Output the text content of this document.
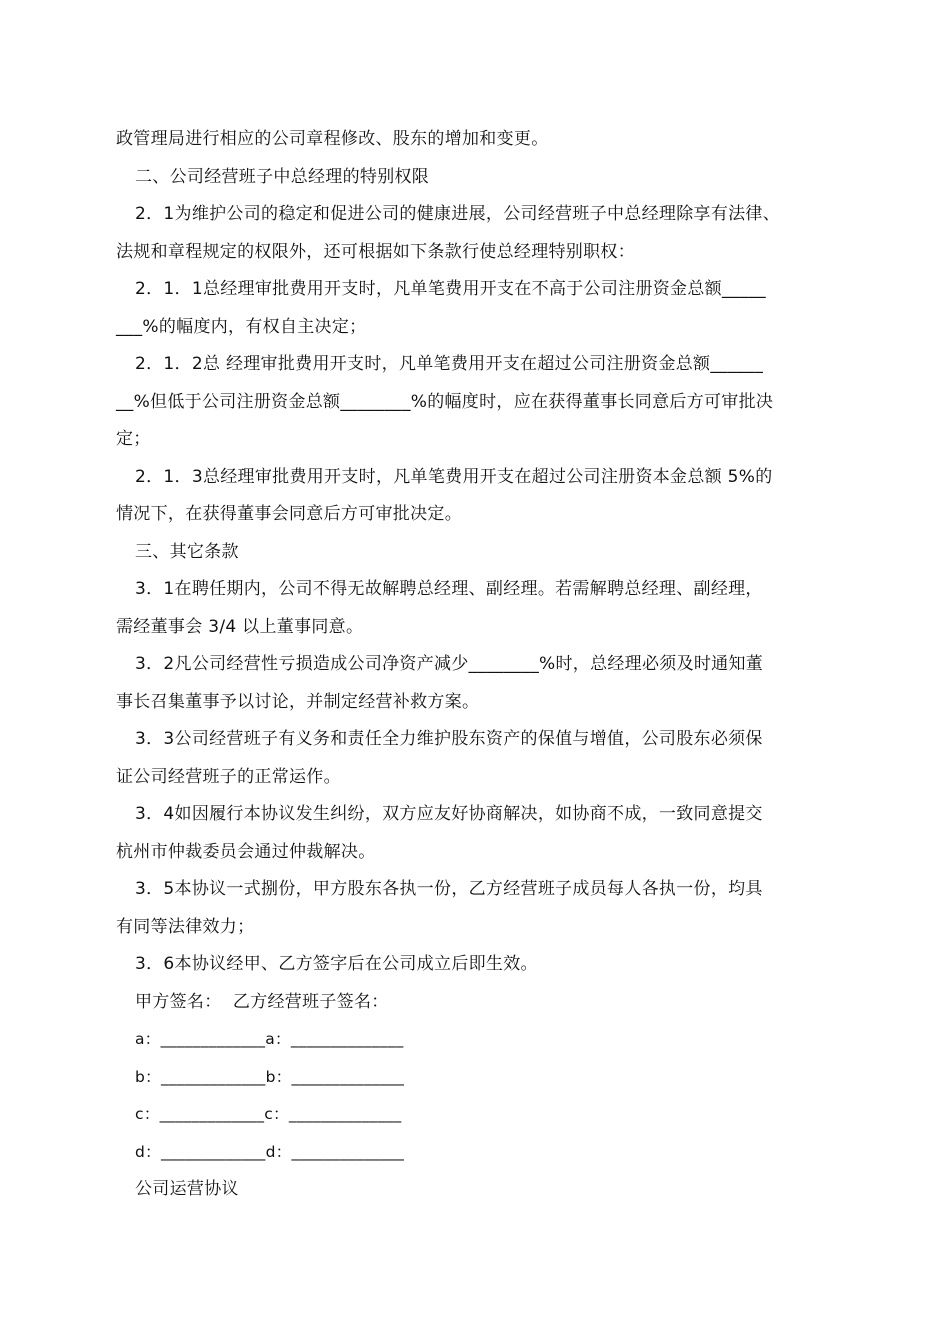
政管理局进行相应的公司章程修改、股东的增加和变更。
二、公司经营班子中总经理的特别权限
2．1为维护公司的稳定和促进公司的健康进展，公司经营班子中总经理除享有法律、
法规和章程规定的权限外，还可根据如下条款行使总经理特别职权：
2．1．1总经理审批费用开支时，凡单笔费用开支在不高于公司注册资金总额_____
___%的幅度内，有权自主决定；
2．1．2总 经理审批费用开支时，凡单笔费用开支在超过公司注册资金总额______
__%但低于公司注册资金总额________%的幅度时，应在获得董事长同意后方可审批决
定；
2．1．3总经理审批费用开支时，凡单笔费用开支在超过公司注册资本金总额 5%的
情况下，在获得董事会同意后方可审批决定。
三、其它条款
3．1在聘任期内，公司不得无故解聘总经理、副经理。若需解聘总经理、副经理，
需经董事会 3/4 以上董事同意。
3．2凡公司经营性亏损造成公司净资产减少________%时，总经理必须及时通知董
事长召集董事予以讨论，并制定经营补救方案。
3．3公司经营班子有义务和责任全力维护股东资产的保值与增值，公司股东必须保
证公司经营班子的正常运作。
3．4如因履行本协议发生纠纷，双方应友好协商解决，如协商不成，一致同意提交
杭州市仲裁委员会通过仲裁解决。
3．5本协议一式捌份，甲方股东各执一份，乙方经营班子成员每人各执一份，均具
有同等法律效力；
3．6本协议经甲、乙方签字后在公司成立后即生效。
甲方签名：  乙方经营班子签名：
a：_____________a：______________
b：_____________b：______________
c：_____________c：______________
d：_____________d：______________
公司运营协议
